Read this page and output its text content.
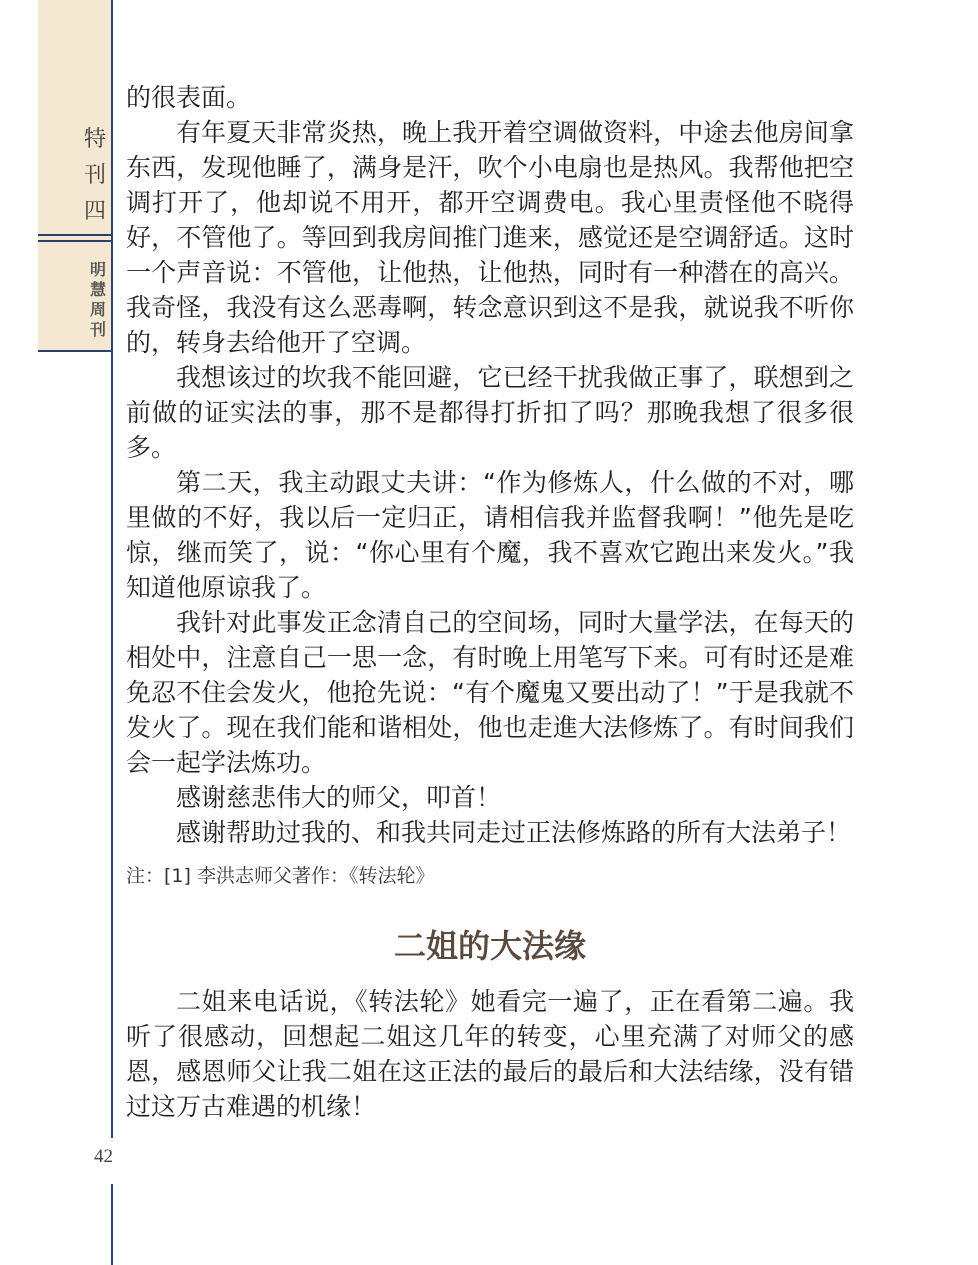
特
刊
四
明
慧
周
刊
42

的很表面。

有年夏天非常炎热，晚上我开着空调做资料，中途去他房间拿东西，发现他睡了，满身是汗，吹个小电扇也是热风。我帮他把空调打开了，他却说不用开，都开空调费电。我心里责怪他不晓得好，不管他了。等回到我房间推门進来，感觉还是空调舒适。这时一个声音说：不管他，让他热，让他热，同时有一种潜在的高兴。我奇怪，我没有这么恶毒啊，转念意识到这不是我，就说我不听你的，转身去给他开了空调。

我想该过的坎我不能回避，它已经干扰我做正事了，联想到之前做的证实法的事，那不是都得打折扣了吗？那晚我想了很多很多。

第二天，我主动跟丈夫讲：“作为修炼人，什么做的不对，哪里做的不好，我以后一定归正，请相信我并监督我啊！”他先是吃惊，继而笑了，说：“你心里有个魔，我不喜欢它跑出来发火。”我知道他原谅我了。

我针对此事发正念清自己的空间场，同时大量学法，在每天的相处中，注意自己一思一念，有时晚上用笔写下来。可有时还是难免忍不住会发火，他抢先说：“有个魔鬼又要出动了！”于是我就不发火了。现在我们能和谐相处，他也走進大法修炼了。有时间我们会一起学法炼功。

感谢慈悲伟大的师父，叩首！

感谢帮助过我的、和我共同走过正法修炼路的所有大法弟子！

注：[1] 李洪志师父著作：《转法轮》

二姐的大法缘

二姐来电话说，《转法轮》她看完一遍了，正在看第二遍。我听了很感动，回想起二姐这几年的转变，心里充满了对师父的感恩，感恩师父让我二姐在这正法的最后的最后和大法结缘，没有错过这万古难遇的机缘！
